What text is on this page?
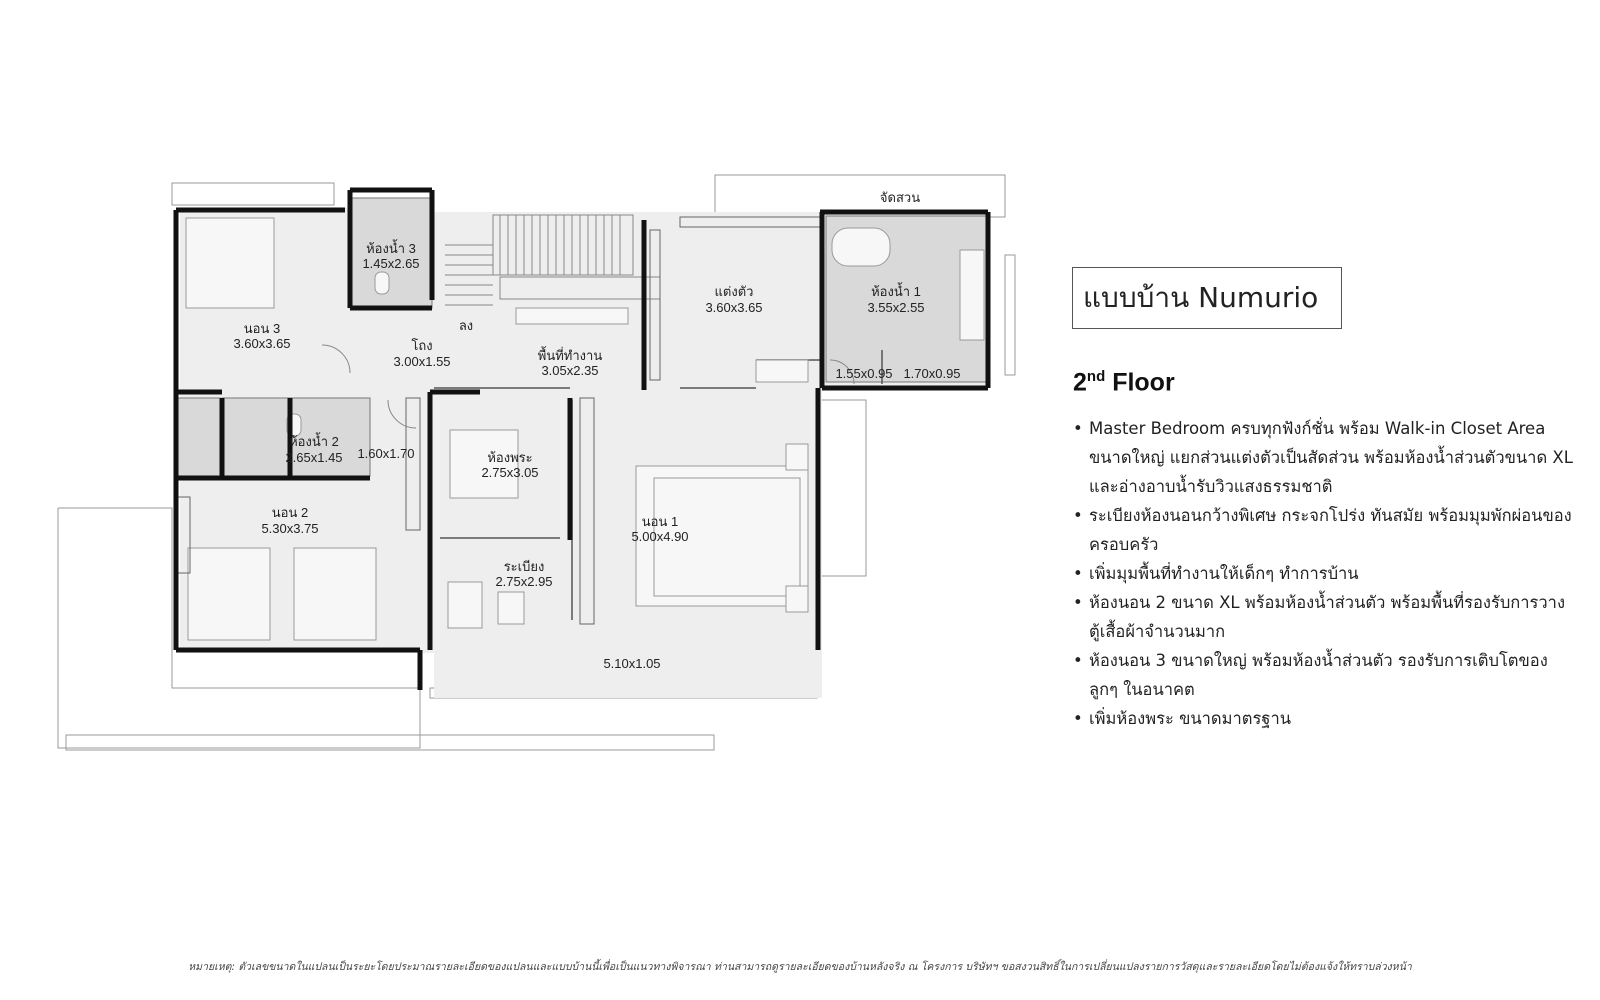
จัดสวน
ห้องน้ำ 3
1.45x2.65
นอน 3
3.60x3.65
ลง
โถง
3.00x1.55	พื้นที่ทำงาน
3.05x2.35
แต่งตัว
3.60x3.65
ห้องน้ำ 1
3.55x2.55
1.55x0.95 1.70x0.95
ห้องน้ำ 2
2.65x1.45 1.60x1.70	ห้องพระ
2.75x3.05
นอน 2
5.30x3.75	นอน 1
5.00x4.90
ระเบียง
2.75x2.95
5.10x1.05
แบบบ้าน Numurio
2nd Floor
• Master Bedroom ครบทุกฟังก์ชั่น พร้อม Walk-in Closet Area ขนาดใหญ่ แยกส่วนแต่งตัวเป็นสัดส่วน พร้อมห้องน้ำส่วนตัวขนาด XL และอ่างอาบน้ำรับวิวแสงธรรมชาติ
• ระเบียงห้องนอนกว้างพิเศษ กระจกโปร่ง ทันสมัย พร้อมมุมพักผ่อนของครอบครัว
• เพิ่มมุมพื้นที่ทำงานให้เด็กๆ ทำการบ้าน
• ห้องนอน 2 ขนาด XL พร้อมห้องน้ำส่วนตัว พร้อมพื้นที่รองรับการวางตู้เสื้อผ้าจำนวนมาก
• ห้องนอน 3 ขนาดใหญ่ พร้อมห้องน้ำส่วนตัว รองรับการเติบโตของลูกๆ ในอนาคต
• เพิ่มห้องพระ ขนาดมาตรฐาน
หมายเหตุ: ตัวเลขขนาดในแปลนเป็นระยะโดยประมาณรายละเอียดของแปลนและแบบบ้านนี้เพื่อเป็นแนวทางพิจารณา ท่านสามารถดูรายละเอียดของบ้านหลังจริง ณ โครงการ บริษัทฯ ขอสงวนสิทธิ์ในการเปลี่ยนแปลงรายการวัสดุและรายละเอียดโดยไม่ต้องแจ้งให้ทราบล่วงหน้า
